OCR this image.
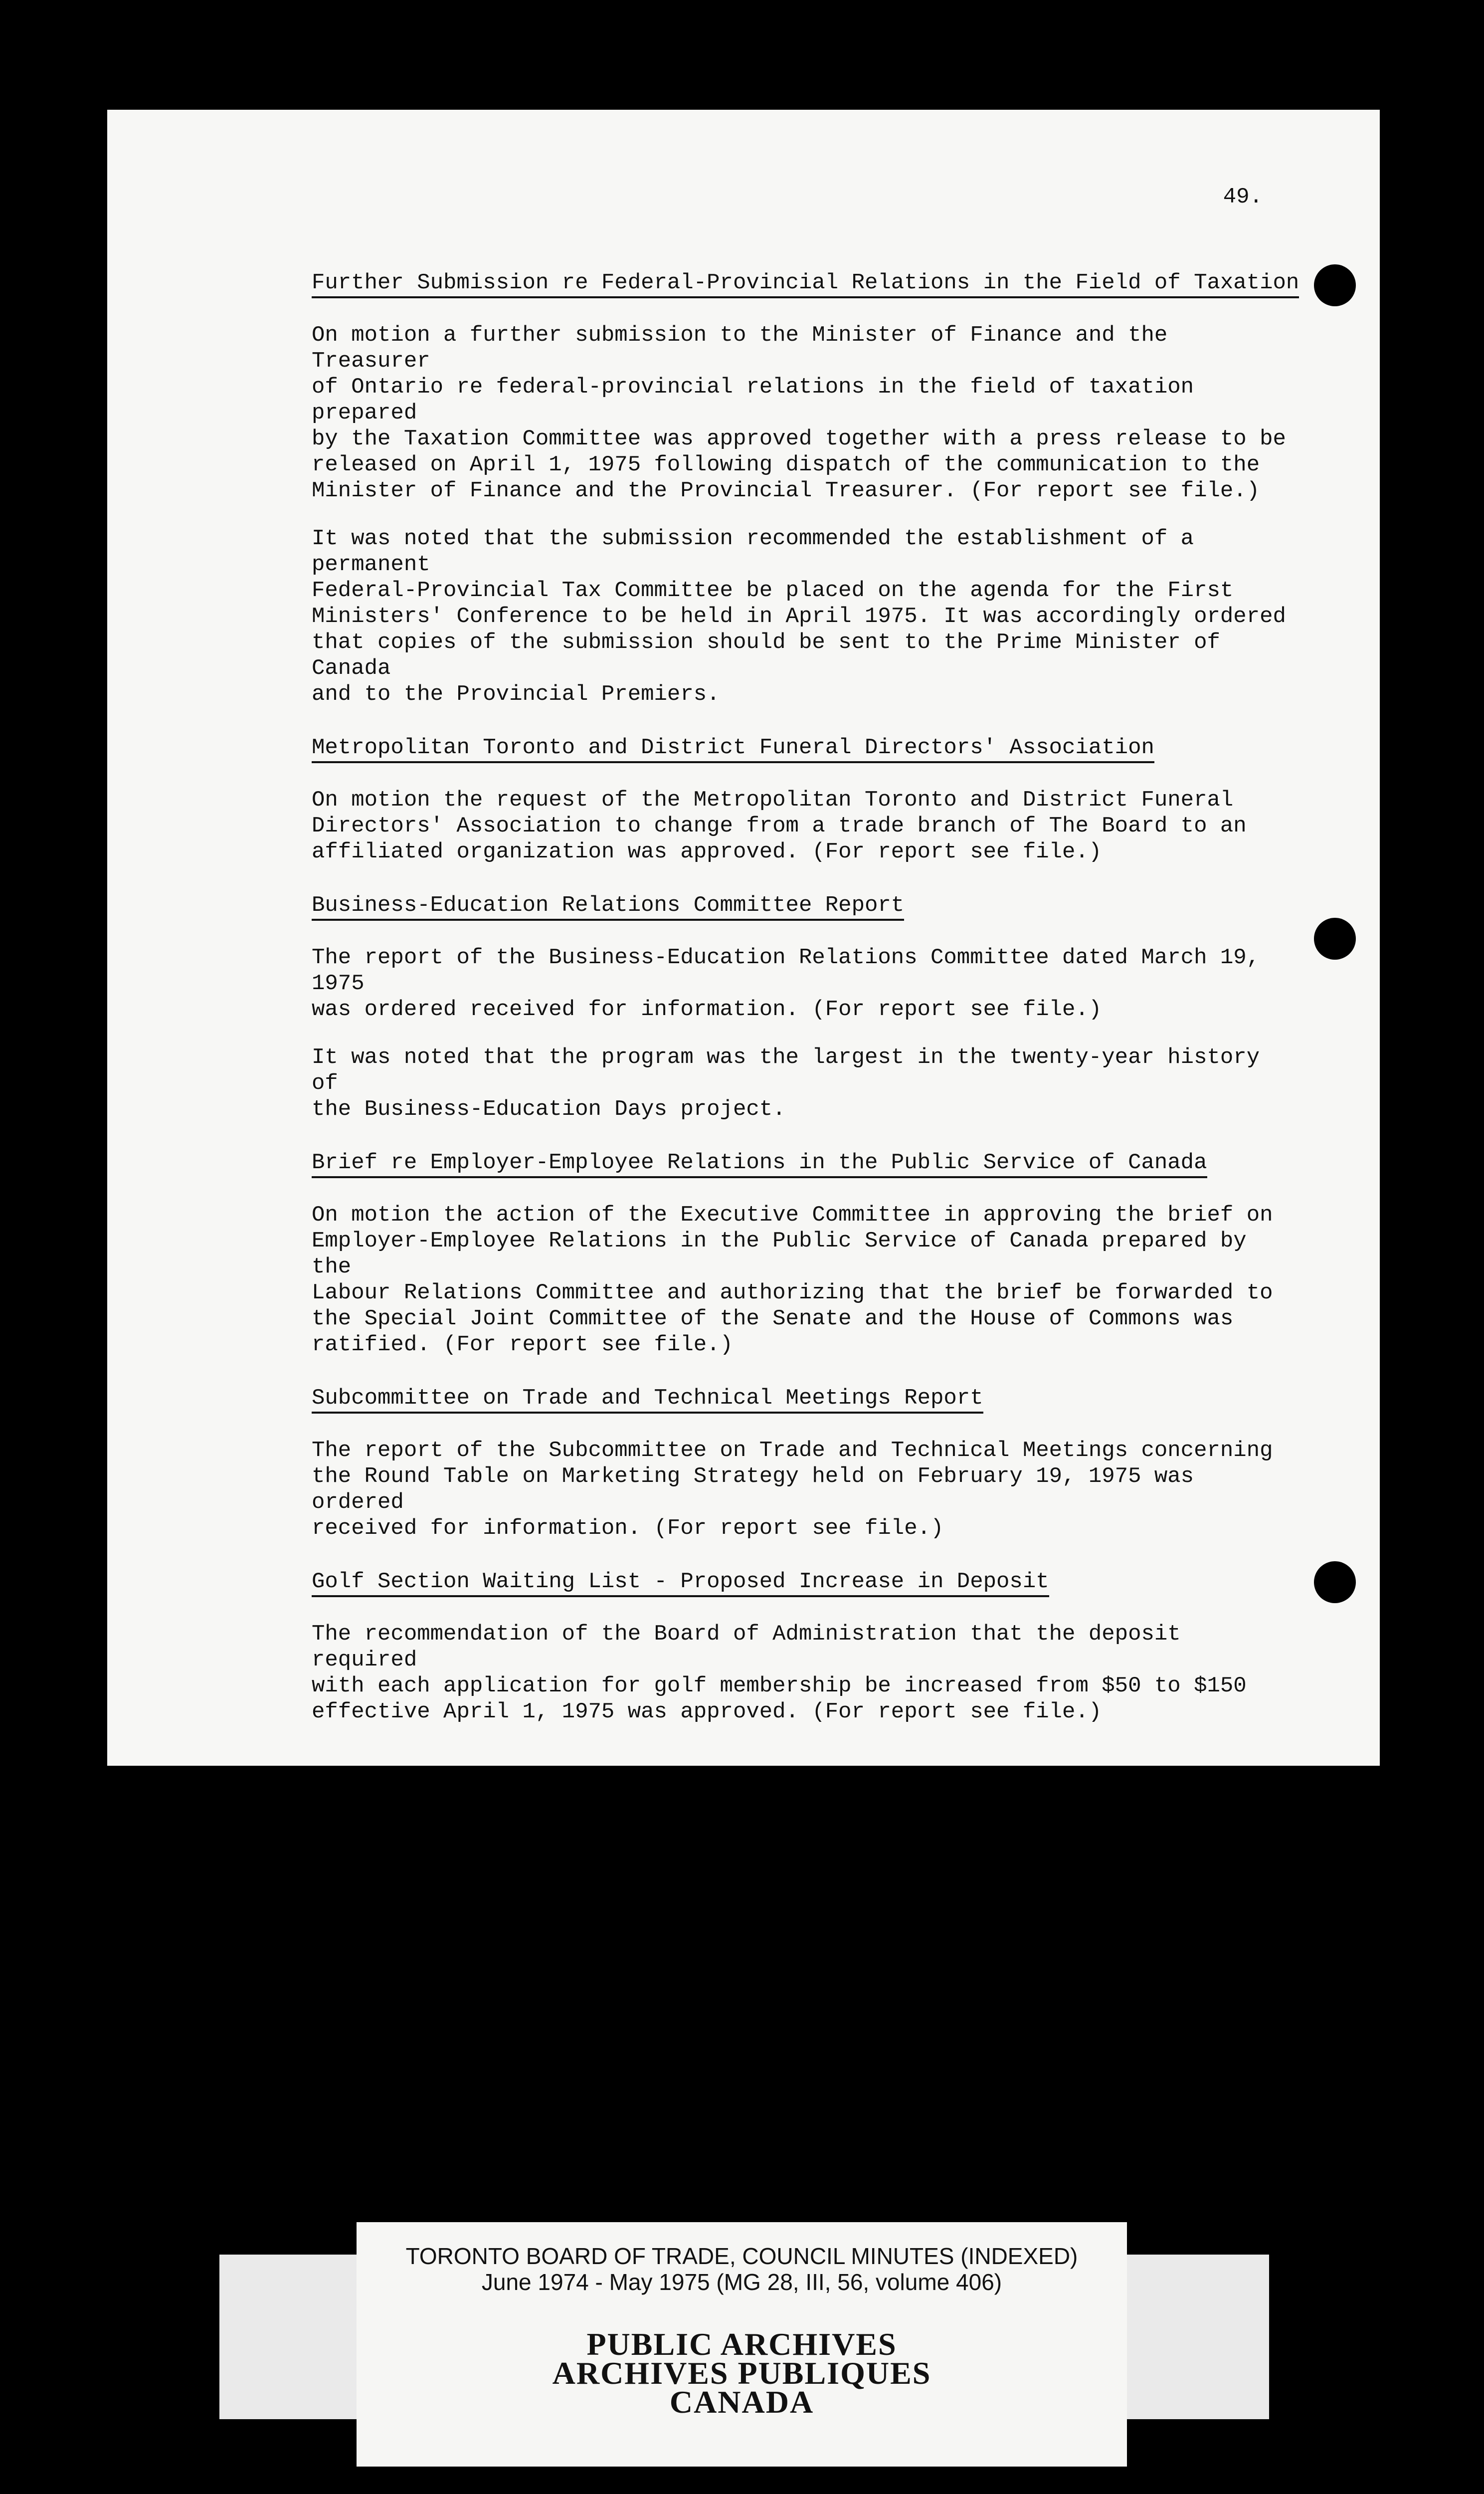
49.
Further Submission re Federal-Provincial Relations in the Field of Taxation

On motion a further submission to the Minister of Finance and the Treasurer
of Ontario re federal-provincial relations in the field of taxation prepared
by the Taxation Committee was approved together with a press release to be
released on April 1, 1975 following dispatch of the communication to the
Minister of Finance and the Provincial Treasurer. (For report see file.)

It was noted that the submission recommended the establishment of a permanent
Federal-Provincial Tax Committee be placed on the agenda for the First
Ministers' Conference to be held in April 1975. It was accordingly ordered
that copies of the submission should be sent to the Prime Minister of Canada
and to the Provincial Premiers.

Metropolitan Toronto and District Funeral Directors' Association

On motion the request of the Metropolitan Toronto and District Funeral
Directors' Association to change from a trade branch of The Board to an
affiliated organization was approved. (For report see file.)

Business-Education Relations Committee Report

The report of the Business-Education Relations Committee dated March 19, 1975
was ordered received for information. (For report see file.)

It was noted that the program was the largest in the twenty-year history of
the Business-Education Days project.

Brief re Employer-Employee Relations in the Public Service of Canada

On motion the action of the Executive Committee in approving the brief on
Employer-Employee Relations in the Public Service of Canada prepared by the
Labour Relations Committee and authorizing that the brief be forwarded to
the Special Joint Committee of the Senate and the House of Commons was
ratified. (For report see file.)

Subcommittee on Trade and Technical Meetings Report

The report of the Subcommittee on Trade and Technical Meetings concerning
the Round Table on Marketing Strategy held on February 19, 1975 was ordered
received for information. (For report see file.)

Golf Section Waiting List - Proposed Increase in Deposit

The recommendation of the Board of Administration that the deposit required
with each application for golf membership be increased from $50 to $150
effective April 1, 1975 was approved. (For report see file.)

TORONTO BOARD OF TRADE, COUNCIL MINUTES (INDEXED)
June 1974 - May 1975 (MG 28, III, 56, volume 406)
PUBLIC ARCHIVES
ARCHIVES PUBLIQUES
CANADA
